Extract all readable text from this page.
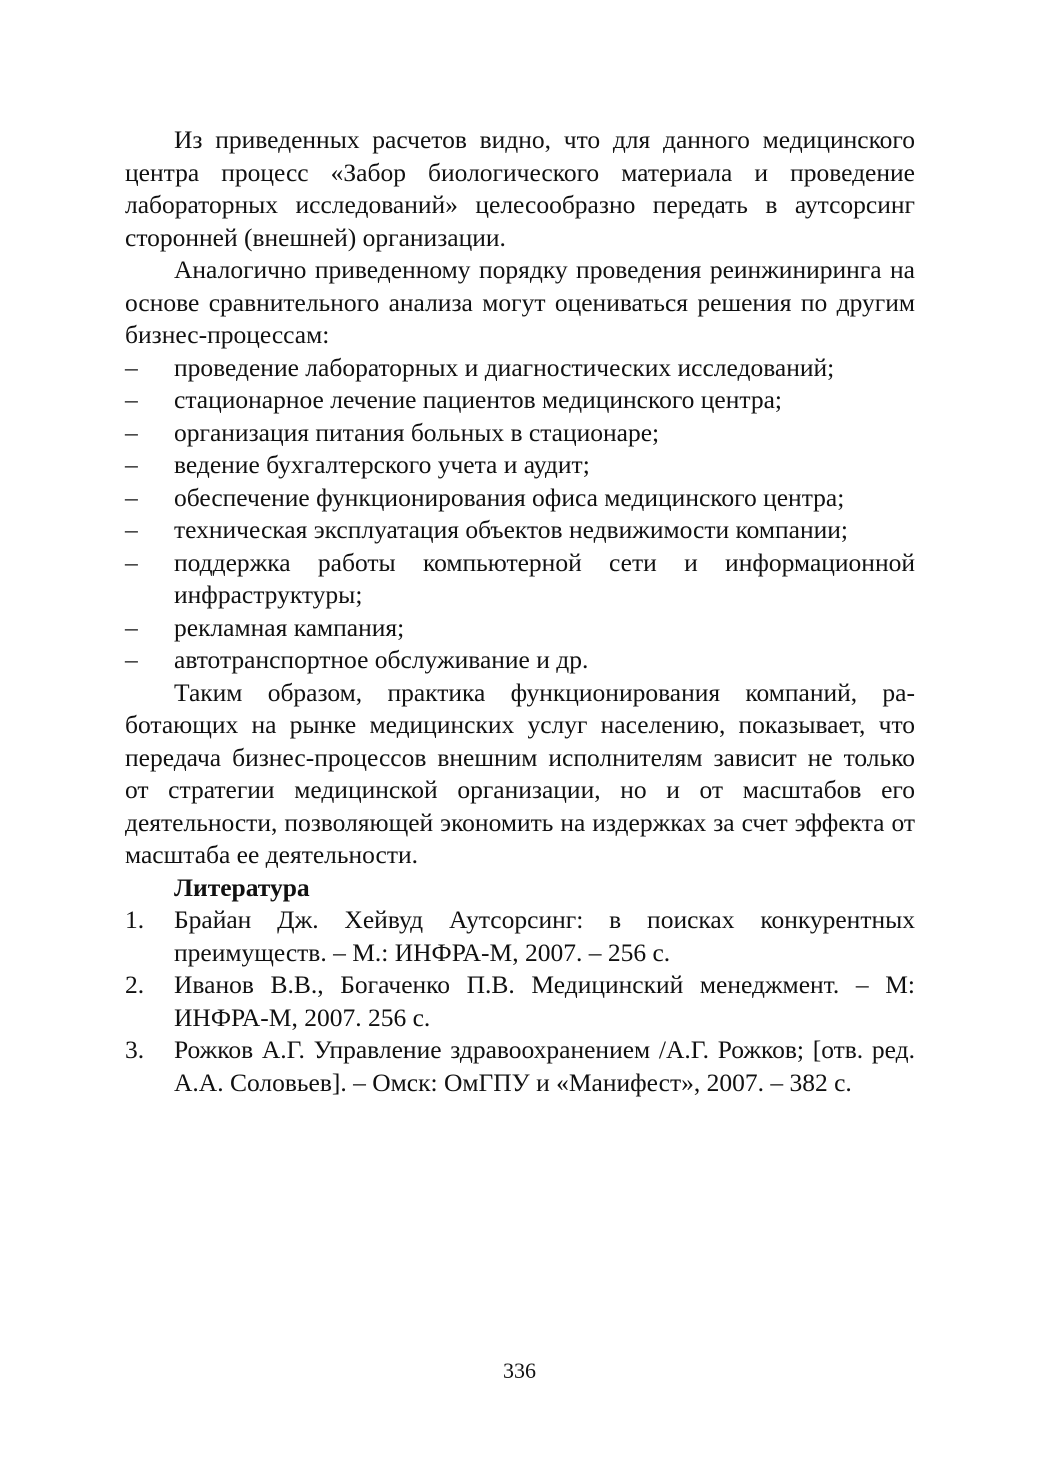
Из приведенных расчетов видно, что для данного медицинского центра процесс «Забор биологического материала и проведение лабораторных исследований» целесообразно передать в аутсорсинг сторонней (внешней) организации.

Аналогично приведенному порядку проведения реинжиниринга на основе сравнительного анализа могут оцениваться решения по другим бизнес-процессам:

– проведение лабораторных и диагностических исследований;
– стационарное лечение пациентов медицинского центра;
– организация питания больных в стационаре;
– ведение бухгалтерского учета и аудит;
– обеспечение функционирования офиса медицинского центра;
– техническая эксплуатация объектов недвижимости компании;
– поддержка работы компьютерной сети и информационной инфраструктуры;
– рекламная кампания;
– автотранспортное обслуживание и др.

Таким образом, практика функционирования компаний, работающих на рынке медицинских услуг населению, показывает, что передача бизнес-процессов внешним исполнителям зависит не только от стратегии медицинской организации, но и от масштабов его деятельности, позволяющей экономить на издержках за счет эффекта от масштаба ее деятельности.

Литература

1. Брайан Дж. Хейвуд Аутсорсинг: в поисках конкурентных преимуществ. – М.: ИНФРА-М, 2007. – 256 с.
2. Иванов В.В., Богаченко П.В. Медицинский менеджмент. – М: ИНФРА-М, 2007. 256 с.
3. Рожков А.Г. Управление здравоохранением /А.Г. Рожков; [отв. ред. А.А. Соловьев]. – Омск: ОмГПУ и «Манифест», 2007. – 382 с.
336
